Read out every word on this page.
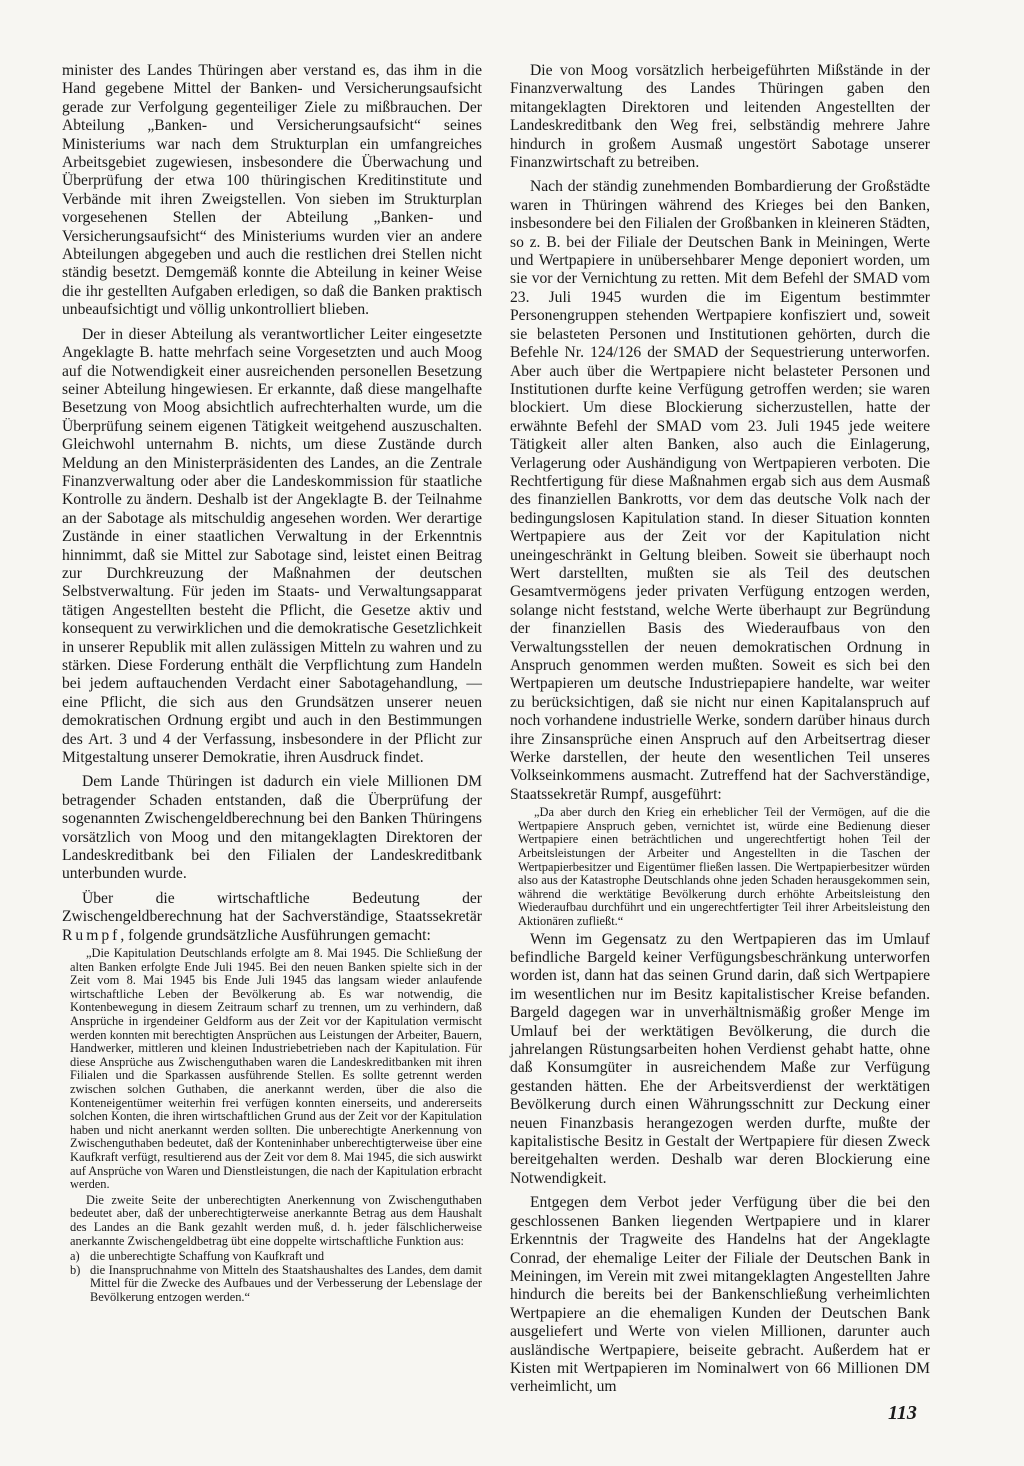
minister des Landes Thüringen aber verstand es, das ihm in die Hand gegebene Mittel der Banken- und Versicherungsaufsicht gerade zur Verfolgung gegenteiliger Ziele zu mißbrauchen. Der Abteilung „Banken- und Versicherungsaufsicht“ seines Ministeriums war nach dem Strukturplan ein umfangreiches Arbeitsgebiet zugewiesen, insbesondere die Überwachung und Überprüfung der etwa 100 thüringischen Kreditinstitute und Verbände mit ihren Zweigstellen. Von sieben im Strukturplan vorgesehenen Stellen der Abteilung „Banken- und Versicherungsaufsicht“ des Ministeriums wurden vier an andere Abteilungen abgegeben und auch die restlichen drei Stellen nicht ständig besetzt. Demgemäß konnte die Abteilung in keiner Weise die ihr gestellten Aufgaben erledigen, so daß die Banken praktisch unbeaufsichtigt und völlig unkontrolliert blieben.

Der in dieser Abteilung als verantwortlicher Leiter eingesetzte Angeklagte B. hatte mehrfach seine Vorgesetzten und auch Moog auf die Notwendigkeit einer ausreichenden personellen Besetzung seiner Abteilung hingewiesen. Er erkannte, daß diese mangelhafte Besetzung von Moog absichtlich aufrechterhalten wurde, um die Überprüfung seinem eigenen Tätigkeit weitgehend auszuschalten. Gleichwohl unternahm B. nichts, um diese Zustände durch Meldung an den Ministerpräsidenten des Landes, an die Zentrale Finanzverwaltung oder aber die Landeskommission für staatliche Kontrolle zu ändern. Deshalb ist der Angeklagte B. der Teilnahme an der Sabotage als mitschuldig angesehen worden. Wer derartige Zustände in einer staatlichen Verwaltung in der Erkenntnis hinnimmt, daß sie Mittel zur Sabotage sind, leistet einen Beitrag zur Durchkreuzung der Maßnahmen der deutschen Selbstverwaltung. Für jeden im Staats- und Verwaltungsapparat tätigen Angestellten besteht die Pflicht, die Gesetze aktiv und konsequent zu verwirklichen und die demokratische Gesetzlichkeit in unserer Republik mit allen zulässigen Mitteln zu wahren und zu stärken. Diese Forderung enthält die Verpflichtung zum Handeln bei jedem auftauchenden Verdacht einer Sabotagehandlung, — eine Pflicht, die sich aus den Grundsätzen unserer neuen demokratischen Ordnung ergibt und auch in den Bestimmungen des Art. 3 und 4 der Verfassung, insbesondere in der Pflicht zur Mitgestaltung unserer Demokratie, ihren Ausdruck findet.

Dem Lande Thüringen ist dadurch ein viele Millionen DM betragender Schaden entstanden, daß die Überprüfung der sogenannten Zwischengeldberechnung bei den Banken Thüringens vorsätzlich von Moog und den mitangeklagten Direktoren der Landeskreditbank bei den Filialen der Landeskreditbank unterbunden wurde.

Über die wirtschaftliche Bedeutung der Zwischengeldberechnung hat der Sachverständige, Staatssekretär Rumpf, folgende grundsätzliche Ausführungen gemacht:

„Die Kapitulation Deutschlands erfolgte am 8. Mai 1945. Die Schließung der alten Banken erfolgte Ende Juli 1945. Bei den neuen Banken spielte sich in der Zeit vom 8. Mai 1945 bis Ende Juli 1945 das langsam wieder anlaufende wirtschaftliche Leben der Bevölkerung ab. Es war notwendig, die Kontenbewegung in diesem Zeitraum scharf zu trennen, um zu verhindern, daß Ansprüche in irgendeiner Geldform aus der Zeit vor der Kapitulation vermischt werden konnten mit berechtigten Ansprüchen aus Leistungen der Arbeiter, Bauern, Handwerker, mittleren und kleinen Industriebetrieben nach der Kapitulation. Für diese Ansprüche aus Zwischenguthaben waren die Landeskreditbanken mit ihren Filialen und die Sparkassen ausführende Stellen. Es sollte getrennt werden zwischen solchen Guthaben, die anerkannt werden, über die also die Konteneigentümer weiterhin frei verfügen konnten einerseits, und andererseits solchen Konten, die ihren wirtschaftlichen Grund aus der Zeit vor der Kapitulation haben und nicht anerkannt werden sollten. Die unberechtigte Anerkennung von Zwischenguthaben bedeutet, daß der Konteninhaber unberechtigterweise über eine Kaufkraft verfügt, resultierend aus der Zeit vor dem 8. Mai 1945, die sich auswirkt auf Ansprüche von Waren und Dienstleistungen, die nach der Kapitulation erbracht werden.
Die zweite Seite der unberechtigten Anerkennung von Zwischenguthaben bedeutet aber, daß der unberechtigterweise anerkannte Betrag aus dem Haushalt des Landes an die Bank gezahlt werden muß, d. h. jeder fälschlicherweise anerkannte Zwischengeldbetrag übt eine doppelte wirtschaftliche Funktion aus:
a) die unberechtigte Schaffung von Kaufkraft und
b) die Inanspruchnahme von Mitteln des Staatshaushaltes des Landes, dem damit Mittel für die Zwecke des Aufbaues und der Verbesserung der Lebenslage der Bevölkerung entzogen werden.“

Die von Moog vorsätzlich herbeigeführten Mißstände in der Finanzverwaltung des Landes Thüringen gaben den mitangeklagten Direktoren und leitenden Angestellten der Landeskreditbank den Weg frei, selbständig mehrere Jahre hindurch in großem Ausmaß ungestört Sabotage unserer Finanzwirtschaft zu betreiben.

Nach der ständig zunehmenden Bombardierung der Großstädte waren in Thüringen während des Krieges bei den Banken, insbesondere bei den Filialen der Großbanken in kleineren Städten, so z. B. bei der Filiale der Deutschen Bank in Meiningen, Werte und Wertpapiere in unübersehbarer Menge deponiert worden, um sie vor der Vernichtung zu retten. Mit dem Befehl der SMAD vom 23. Juli 1945 wurden die im Eigentum bestimmter Personengruppen stehenden Wertpapiere konfisziert und, soweit sie belasteten Personen und Institutionen gehörten, durch die Befehle Nr. 124/126 der SMAD der Sequestrierung unterworfen. Aber auch über die Wertpapiere nicht belasteter Personen und Institutionen durfte keine Verfügung getroffen werden; sie waren blockiert. Um diese Blockierung sicherzustellen, hatte der erwähnte Befehl der SMAD vom 23. Juli 1945 jede weitere Tätigkeit aller alten Banken, also auch die Einlagerung, Verlagerung oder Aushändigung von Wertpapieren verboten. Die Rechtfertigung für diese Maßnahmen ergab sich aus dem Ausmaß des finanziellen Bankrotts, vor dem das deutsche Volk nach der bedingungslosen Kapitulation stand. In dieser Situation konnten Wertpapiere aus der Zeit vor der Kapitulation nicht uneingeschränkt in Geltung bleiben. Soweit sie überhaupt noch Wert darstellten, mußten sie als Teil des deutschen Gesamtvermögens jeder privaten Verfügung entzogen werden, solange nicht feststand, welche Werte überhaupt zur Begründung der finanziellen Basis des Wiederaufbaus von den Verwaltungsstellen der neuen demokratischen Ordnung in Anspruch genommen werden mußten. Soweit es sich bei den Wertpapieren um deutsche Industriepapiere handelte, war weiter zu berücksichtigen, daß sie nicht nur einen Kapitalanspruch auf noch vorhandene industrielle Werke, sondern darüber hinaus durch ihre Zinsansprüche einen Anspruch auf den Arbeitsertrag dieser Werke darstellen, der heute den wesentlichen Teil unseres Volkseinkommens ausmacht. Zutreffend hat der Sachverständige, Staatssekretär Rumpf, ausgeführt:

„Da aber durch den Krieg ein erheblicher Teil der Vermögen, auf die die Wertpapiere Anspruch geben, vernichtet ist, würde eine Bedienung dieser Wertpapiere einen beträchtlichen und ungerechtfertigt hohen Teil der Arbeitsleistungen der Arbeiter und Angestellten in die Taschen der Wertpapierbesitzer und Eigentümer fließen lassen. Die Wertpapierbesitzer würden also aus der Katastrophe Deutschlands ohne jeden Schaden herausgekommen sein, während die werktätige Bevölkerung durch erhöhte Arbeitsleistung den Wiederaufbau durchführt und ein ungerechtfertigter Teil ihrer Arbeitsleistung den Aktionären zufließt.“

Wenn im Gegensatz zu den Wertpapieren das im Umlauf befindliche Bargeld keiner Verfügungsbeschränkung unterworfen worden ist, dann hat das seinen Grund darin, daß sich Wertpapiere im wesentlichen nur im Besitz kapitalistischer Kreise befanden. Bargeld dagegen war in unverhältnismäßig großer Menge im Umlauf bei der werktätigen Bevölkerung, die durch die jahrelangen Rüstungsarbeiten hohen Verdienst gehabt hatte, ohne daß Konsumgüter in ausreichendem Maße zur Verfügung gestanden hätten. Ehe der Arbeitsverdienst der werktätigen Bevölkerung durch einen Währungsschnitt zur Deckung einer neuen Finanzbasis herangezogen werden durfte, mußte der kapitalistische Besitz in Gestalt der Wertpapiere für diesen Zweck bereitgehalten werden. Deshalb war deren Blockierung eine Notwendigkeit.

Entgegen dem Verbot jeder Verfügung über die bei den geschlossenen Banken liegenden Wertpapiere und in klarer Erkenntnis der Tragweite des Handelns hat der Angeklagte Conrad, der ehemalige Leiter der Filiale der Deutschen Bank in Meiningen, im Verein mit zwei mitangeklagten Angestellten Jahre hindurch die bereits bei der Bankenschließung verheimlichten Wertpapiere an die ehemaligen Kunden der Deutschen Bank ausgeliefert und Werte von vielen Millionen, darunter auch ausländische Wertpapiere, beiseite gebracht. Außerdem hat er Kisten mit Wertpapieren im Nominalwert von 66 Millionen DM verheimlicht, um

113
